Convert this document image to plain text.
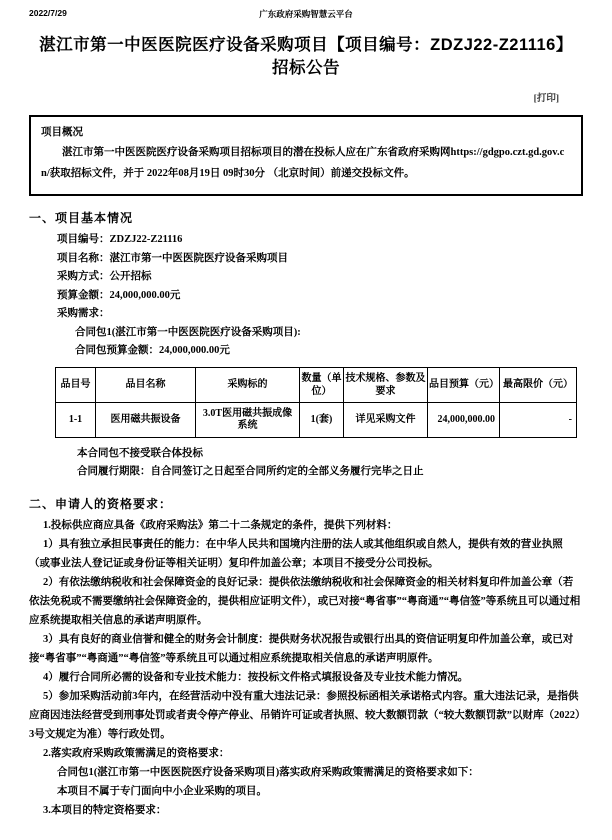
2022/7/29	广东政府采购智慧云平台
湛江市第一中医医院医疗设备采购项目【项目编号：ZDZJ22-Z21116】招标公告
[打印]
项目概况

湛江市第一中医医院医疗设备采购项目招标项目的潜在投标人应在广东省政府采购网https://gdgpo.czt.gd.gov.cn/获取招标文件，并于 2022年08月19日 09时30分 （北京时间）前递交投标文件。

一、项目基本情况
项目编号：ZDZJ22-Z21116
项目名称：湛江市第一中医医院医疗设备采购项目
采购方式：公开招标
预算金额：24,000,000.00元
采购需求：
合同包1(湛江市第一中医医院医疗设备采购项目):
合同包预算金额：24,000,000.00元
品目号	品目名称	采购标的	数量（单位）	技术规格、参数及要求	品目预算（元）	最高限价（元）
1-1	医用磁共振设备	3.0T医用磁共振成像系统	1(套)	详见采购文件	24,000,000.00	-
本合同包不接受联合体投标
合同履行期限：自合同签订之日起至合同所约定的全部义务履行完毕之日止
二、申请人的资格要求：

1.投标供应商应具备《政府采购法》第二十二条规定的条件，提供下列材料：

1）具有独立承担民事责任的能力：在中华人民共和国境内注册的法人或其他组织或自然人，提供有效的营业执照（或事业法人登记证或身份证等相关证明）复印件加盖公章；本项目不接受分公司投标。

2）有依法缴纳税收和社会保障资金的良好记录：提供依法缴纳税收和社会保障资金的相关材料复印件加盖公章（若依法免税或不需要缴纳社会保障资金的，提供相应证明文件），或已对接“粤省事”“粤商通”“粤信签”等系统且可以通过相应系统提取相关信息的承诺声明原件。

3）具有良好的商业信誉和健全的财务会计制度：提供财务状况报告或银行出具的资信证明复印件加盖公章，或已对接“粤省事”“粤商通”“粤信签”等系统且可以通过相应系统提取相关信息的承诺声明原件。

4）履行合同所必需的设备和专业技术能力：按投标文件格式填报设备及专业技术能力情况。

5）参加采购活动前3年内，在经营活动中没有重大违法记录：参照投标函相关承诺格式内容。重大违法记录，是指供应商因违法经营受到刑事处罚或者责令停产停业、吊销许可证或者执照、较大数额罚款（“较大数额罚款”以财库（2022）3号文规定为准）等行政处罚。

2.落实政府采购政策需满足的资格要求：

合同包1(湛江市第一中医医院医疗设备采购项目)落实政府采购政策需满足的资格要求如下：

本项目不属于专门面向中小企业采购的项目。

3.本项目的特定资格要求：
